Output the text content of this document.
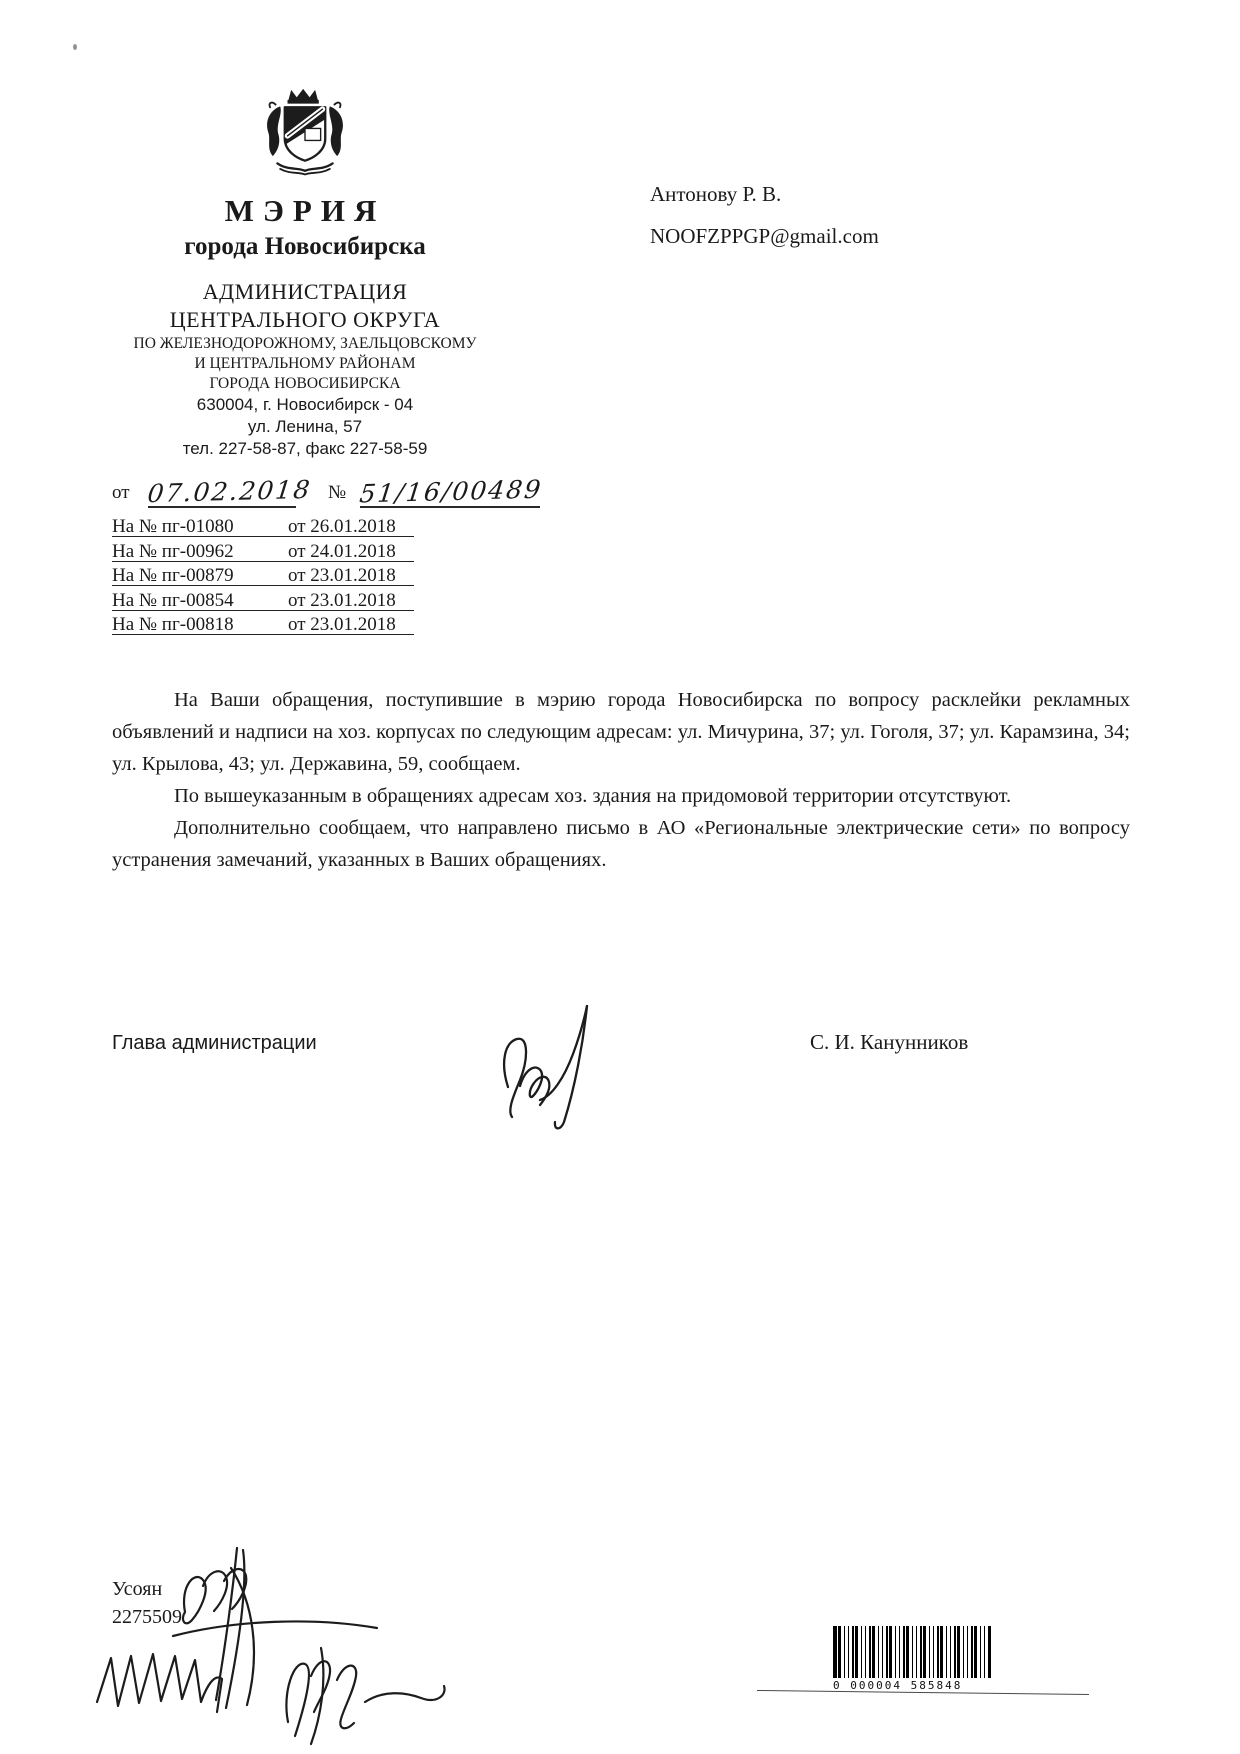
МЭРИЯ
города Новосибирска
АДМИНИСТРАЦИЯ
ЦЕНТРАЛЬНОГО ОКРУГА
ПО ЖЕЛЕЗНОДОРОЖНОМУ, ЗАЕЛЬЦОВСКОМУ
И ЦЕНТРАЛЬНОМУ РАЙОНАМ
ГОРОДА НОВОСИБИРСКА
630004, г. Новосибирск - 04
ул. Ленина, 57
тел. 227-58-87, факс 227-58-59
Антонову Р. В.
NOOFZPPGP@gmail.com
от 07.02.2018 № 51/16/00489
На № пг-01080	от 26.01.2018
На № пг-00962	от 24.01.2018
На № пг-00879	от 23.01.2018
На № пг-00854	от 23.01.2018
На № пг-00818	от 23.01.2018

На Ваши обращения, поступившие в мэрию города Новосибирска по вопросу расклейки рекламных объявлений и надписи на хоз. корпусах по следующим адресам: ул. Мичурина, 37; ул. Гоголя, 37; ул. Карамзина, 34; ул. Крылова, 43; ул. Державина, 59, сообщаем.

По вышеуказанным в обращениях адресам хоз. здания на придомовой территории отсутствуют.

Дополнительно сообщаем, что направлено письмо в АО «Региональные электрические сети» по вопросу устранения замечаний, указанных в Ваших обращениях.

Глава администрации	С. И. Канунников
Усоян
2275509
0 000004 585848
